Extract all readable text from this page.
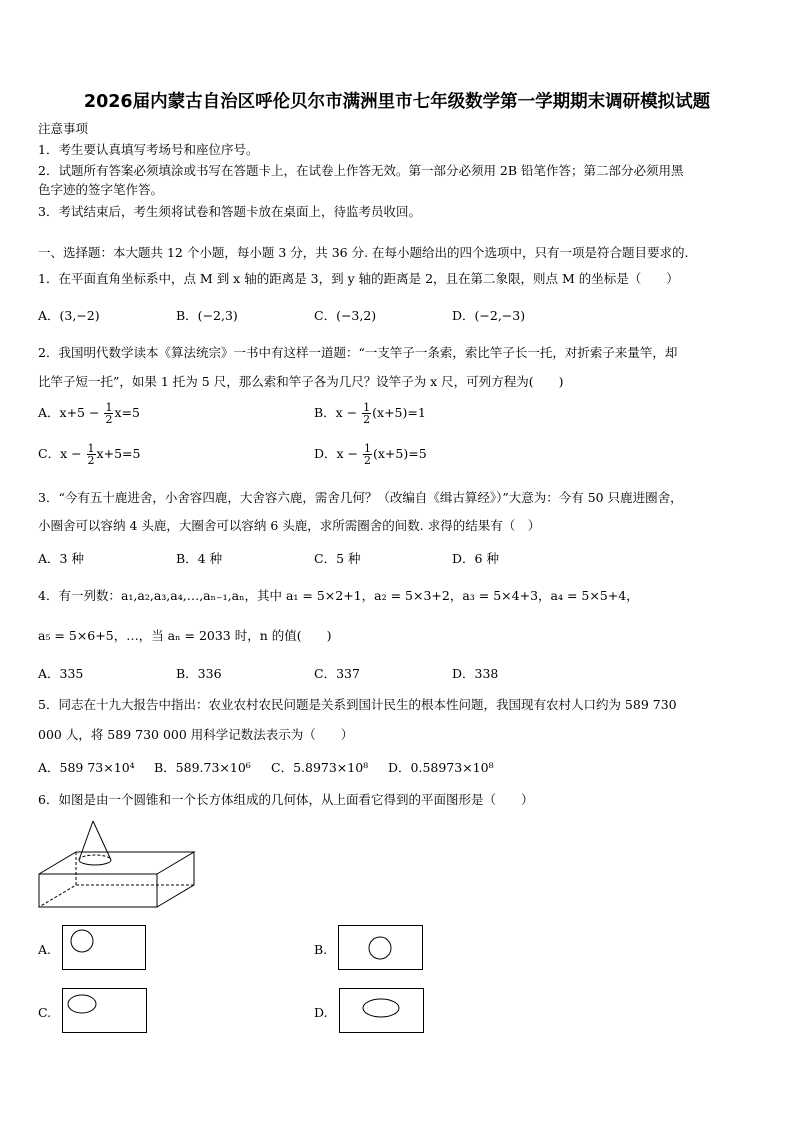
2026届内蒙古自治区呼伦贝尔市满洲里市七年级数学第一学期期末调研模拟试题
注意事项
1．考生要认真填写考场号和座位序号。
2．试题所有答案必须填涂或书写在答题卡上，在试卷上作答无效。第一部分必须用 2B 铅笔作答；第二部分必须用黑
色字迹的签字笔作答。
3．考试结束后，考生须将试卷和答题卡放在桌面上，待监考员收回。
一、选择题：本大题共 12 个小题，每小题 3 分，共 36 分. 在每小题给出的四个选项中，只有一项是符合题目要求的.
1．在平面直角坐标系中，点 M 到 x 轴的距离是 3，到 y 轴的距离是 2，且在第二象限，则点 M 的坐标是（　　）
A．(3,−2)	B．(−2,3)	C．(−3,2)	D．(−2,−3)
2．我国明代数学读本《算法统宗》一书中有这样一道题：“一支竿子一条索，索比竿子长一托，对折索子来量竿，却
比竿子短一托”，如果 1 托为 5 尺，那么索和竿子各为几尺？设竿子为 x 尺，可列方程为(　　)
A．$x+5 - \frac{1}{2} x=5$	B．$x - \frac{1}{2} (x+5)=1$
C．$x - \frac{1}{2} x+5=5$	D．$x - \frac{1}{2} (x+5)=5$
3．“今有五十鹿进舍，小舍容四鹿，大舍容六鹿，需舍几何？（改编自《缉古算经》）”大意为：今有 50 只鹿进圈舍，
小圈舍可以容纳 4 头鹿，大圈舍可以容纳 6 头鹿，求所需圈舍的间数. 求得的结果有（　）
A．3 种	B．4 种	C．5 种	D．6 种
4．有一列数：a₁,a₂,a₃,a₄,…,aₙ₋₁,aₙ，其中 a₁ = 5×2+1，a₂ = 5×3+2，a₃ = 5×4+3，a₄ = 5×5+4，
a₅ = 5×6+5，…，当 aₙ = 2033 时，n 的值(　　)
A．335	B．336	C．337	D．338
5．同志在十九大报告中指出：农业农村农民问题是关系到国计民生的根本性问题，我国现有农村人口约为 589 730
000 人，将 589 730 000 用科学记数法表示为（　　）
A．589 73×10⁴ B．589.73×10⁶ C．5.8973×10⁸ D．0.58973×10⁸
6．如图是由一个圆锥和一个长方体组成的几何体，从上面看它得到的平面图形是（　　）
A.	B.
C.	D.
